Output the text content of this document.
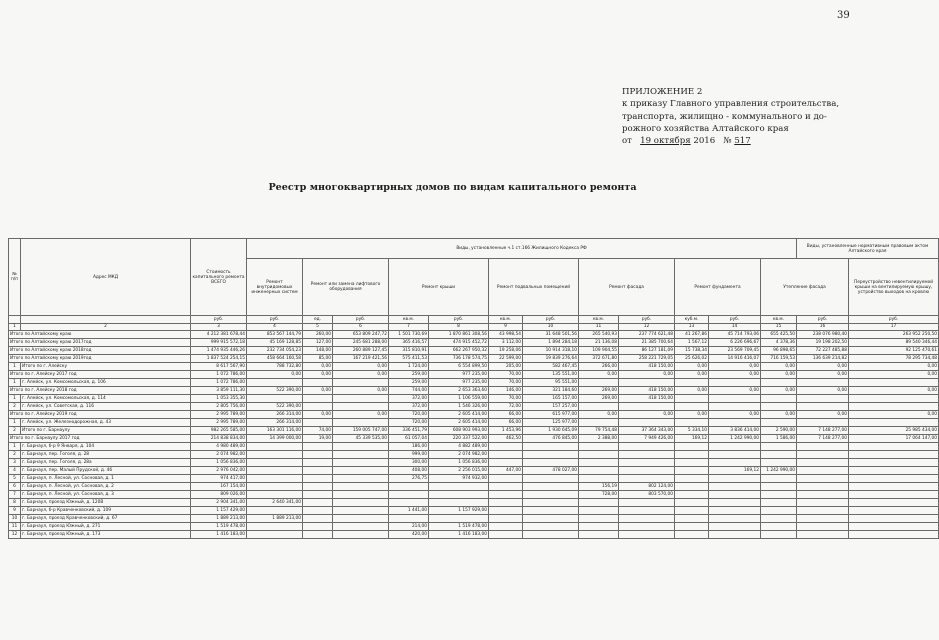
39
ПРИЛОЖЕНИЕ 2
к приказу Главного управления строительства,
транспорта, жилищно - коммунального и до-
рожного хозяйства Алтайского края
от 19 октября 2016 № 517
Реестр многоквартирных домов по видам капитального ремонта
№ п/п	Адрес МКД	Стоимость капитального ремонта ВСЕГО	Виды, установленные ч.1 ст.166 Жилищного Кодекса РФ												Виды, установленные нормативным правовым актом Алтайского края	
			Ремонт внутридомовых инженерных систем	Ремонт или замена лифтового оборудования		Ремонт крыши		Ремонт подвальных помещений		Ремонт фасада		Ремонт фундамента		Утепление фасада		Переустройство невентилируемой крыши на вентилируемую крышу, устройство выходов на кровлю
		руб.	руб.	ед.	руб.	кв.м.	руб.	кв.м.	руб.	кв.м.	руб.	куб.м.	руб.	кв.м.	руб.	руб.
1	2	3	4	5	6	7	8	9	10	11	12	13	14	15	16	17
Итого по Алтайскому краю		4 212 381 678,44	853 567 144,79	260,00	653 809 247,72	1 501 730,69	1 870 861 308,56	43 998,54	31 648 501,56	265 540,93	237 774 621,48	41 267,86	45 714 793,06	655 425,50	238 076 980,40	263 952 250,50
Итого по Алтайскому краю 2017год		999 915 572,18	45 169 128,85	127,00	245 681 288,00	365 416,57	474 915 452,72	3 112,00	1 894 284,18	21 136,08	21 385 700,64	1 567,12	6 226 696,67	4 378,36	19 198 202,50	89 540 346,44
Итого по Алтайскому краю 2018год		1 474 935 446,26	232 734 054,23	148,00	260 889 127,45	315 810,91	662 267 950,32	19 258,06	10 914 318,10	109 904,55	86 127 181,09	15 738,34	23 569 709,45	96 898,65	72 227 485,88	92 125 470,61
Итого по Алтайскому краю 2019год		1 837 524 254,15	458 664 160,58	85,00	167 219 421,56	575 411,53	736 178 574,75	22 599,00	19 839 276,64	372 671,80	258 221 729,05	25 626,02	14 916 416,07	716 159,53	136 639 214,82	78 295 734,48
1	Итого по г. Алейску	8 617 567,90	788 732,80	0,00	0,00	1 724,00	6 554 899,50	205,00	582 467,45	266,00	418 150,00	0,00	0,00	0,00	0,00	0,00
Итого по г. Алейску 2017 год		1 072 786,00	0,00	0,00	0,00	259,00	977 235,00	70,00	135 551,00	0,00	0,00	0,00	0,00	0,00	0,00	0,00
1	г. Алейск, ул. Комсомольская, д. 106	1 072 786,00				259,00	977 235,00	70,00	95 551,00							
Итого по г. Алейску 2018 год		3 859 111,30	522 390,00	0,00	0,00	744,00	2 653 363,60	146,00	321 184,60	269,00	418 150,00	0,00	0,00	0,00	0,00	0,00
1	г. Алейск, ул. Комсомольская, д. 114	1 053 355,30				372,00	1 106 559,00	70,00	165 157,00	269,00	418 150,00					
2	г. Алейск, ул. Советская, д. 116	2 805 756,00	522 390,00			372,00	1 546 326,00	72,00	157 257,00							
Итого по г. Алейску 2019 год		2 995 789,00	266 314,00	0,00	0,00	720,00	2 605 414,00	66,00	615 977,00	0,00	0,00	0,00	0,00	0,00	0,00	0,00
1	г. Алейск, ул. Железнодорожная, д. 43	2 995 789,00	266 314,00			720,00	2 605 414,00	66,00	125 977,00							
2	Итого по г. Барнаулу	982 265 585,00	163 301 116,00	74,00	159 005 747,00	336 451,79	608 903 993,00	1 453,96	1 930 645,09	79 754,48	37 364 343,00	5 334,10	3 836 414,00	2 590,00	7 148 277,00	25 985 434,00
Итого по г. Барнаулу 2017 год		214 838 834,00	14 399 000,00	19,00	45 339 535,00	61 057,04	220 337 522,00	462,50	476 845,00	2 388,00	7 949 426,00	169,12	1 242 990,00	1 586,00	7 148 277,00	17 064 147,00
1	г. Барнаул, б-р 9 Января, д. 104	4 980 489,00				186,00	4 882 489,00									
2	г. Барнаул, пер. Гоголя, д. 28	2 074 982,00				999,00	2 074 982,00									
3	г. Барнаул, пер. Гоголя, д. 28а	1 056 836,00				300,00	1 056 836,00									
4	г. Барнаул, пер. Малый Прудской, д. 46	2 976 042,00				408,00	2 256 015,00	447,00	478 027,00				169,12	1 242 990,00		
5	г. Барнаул, п. Лесной, ул. Сосновая, д. 1	974 417,00				276,75	974 932,00									
6	г. Барнаул, п. Лесной, ул. Сосновая, д. 2	167 154,00								156,19	802 124,00					
7	г. Барнаул, п. Лесной, ул. Сосновая, д. 3	809 026,00								728,00	803 570,00					
8	г. Барнаул, проезд Южный, д. 120В	2 904 341,00	2 640 341,00													
9	г. Барнаул, б-р Кравченковский, д. 109	1 157 429,00				1 441,00	1 157 929,00									
10	г. Барнаул, проезд Кравченковский, д. 67	1 889 213,00	1 889 213,00													
11	г. Барнаул, проезд Южный, д. 271	1 519 478,00				214,00	1 519 478,00									
12	г. Барнаул, проезд Южный, д. 173	1 416 183,00				420,00	1 416 183,00									
